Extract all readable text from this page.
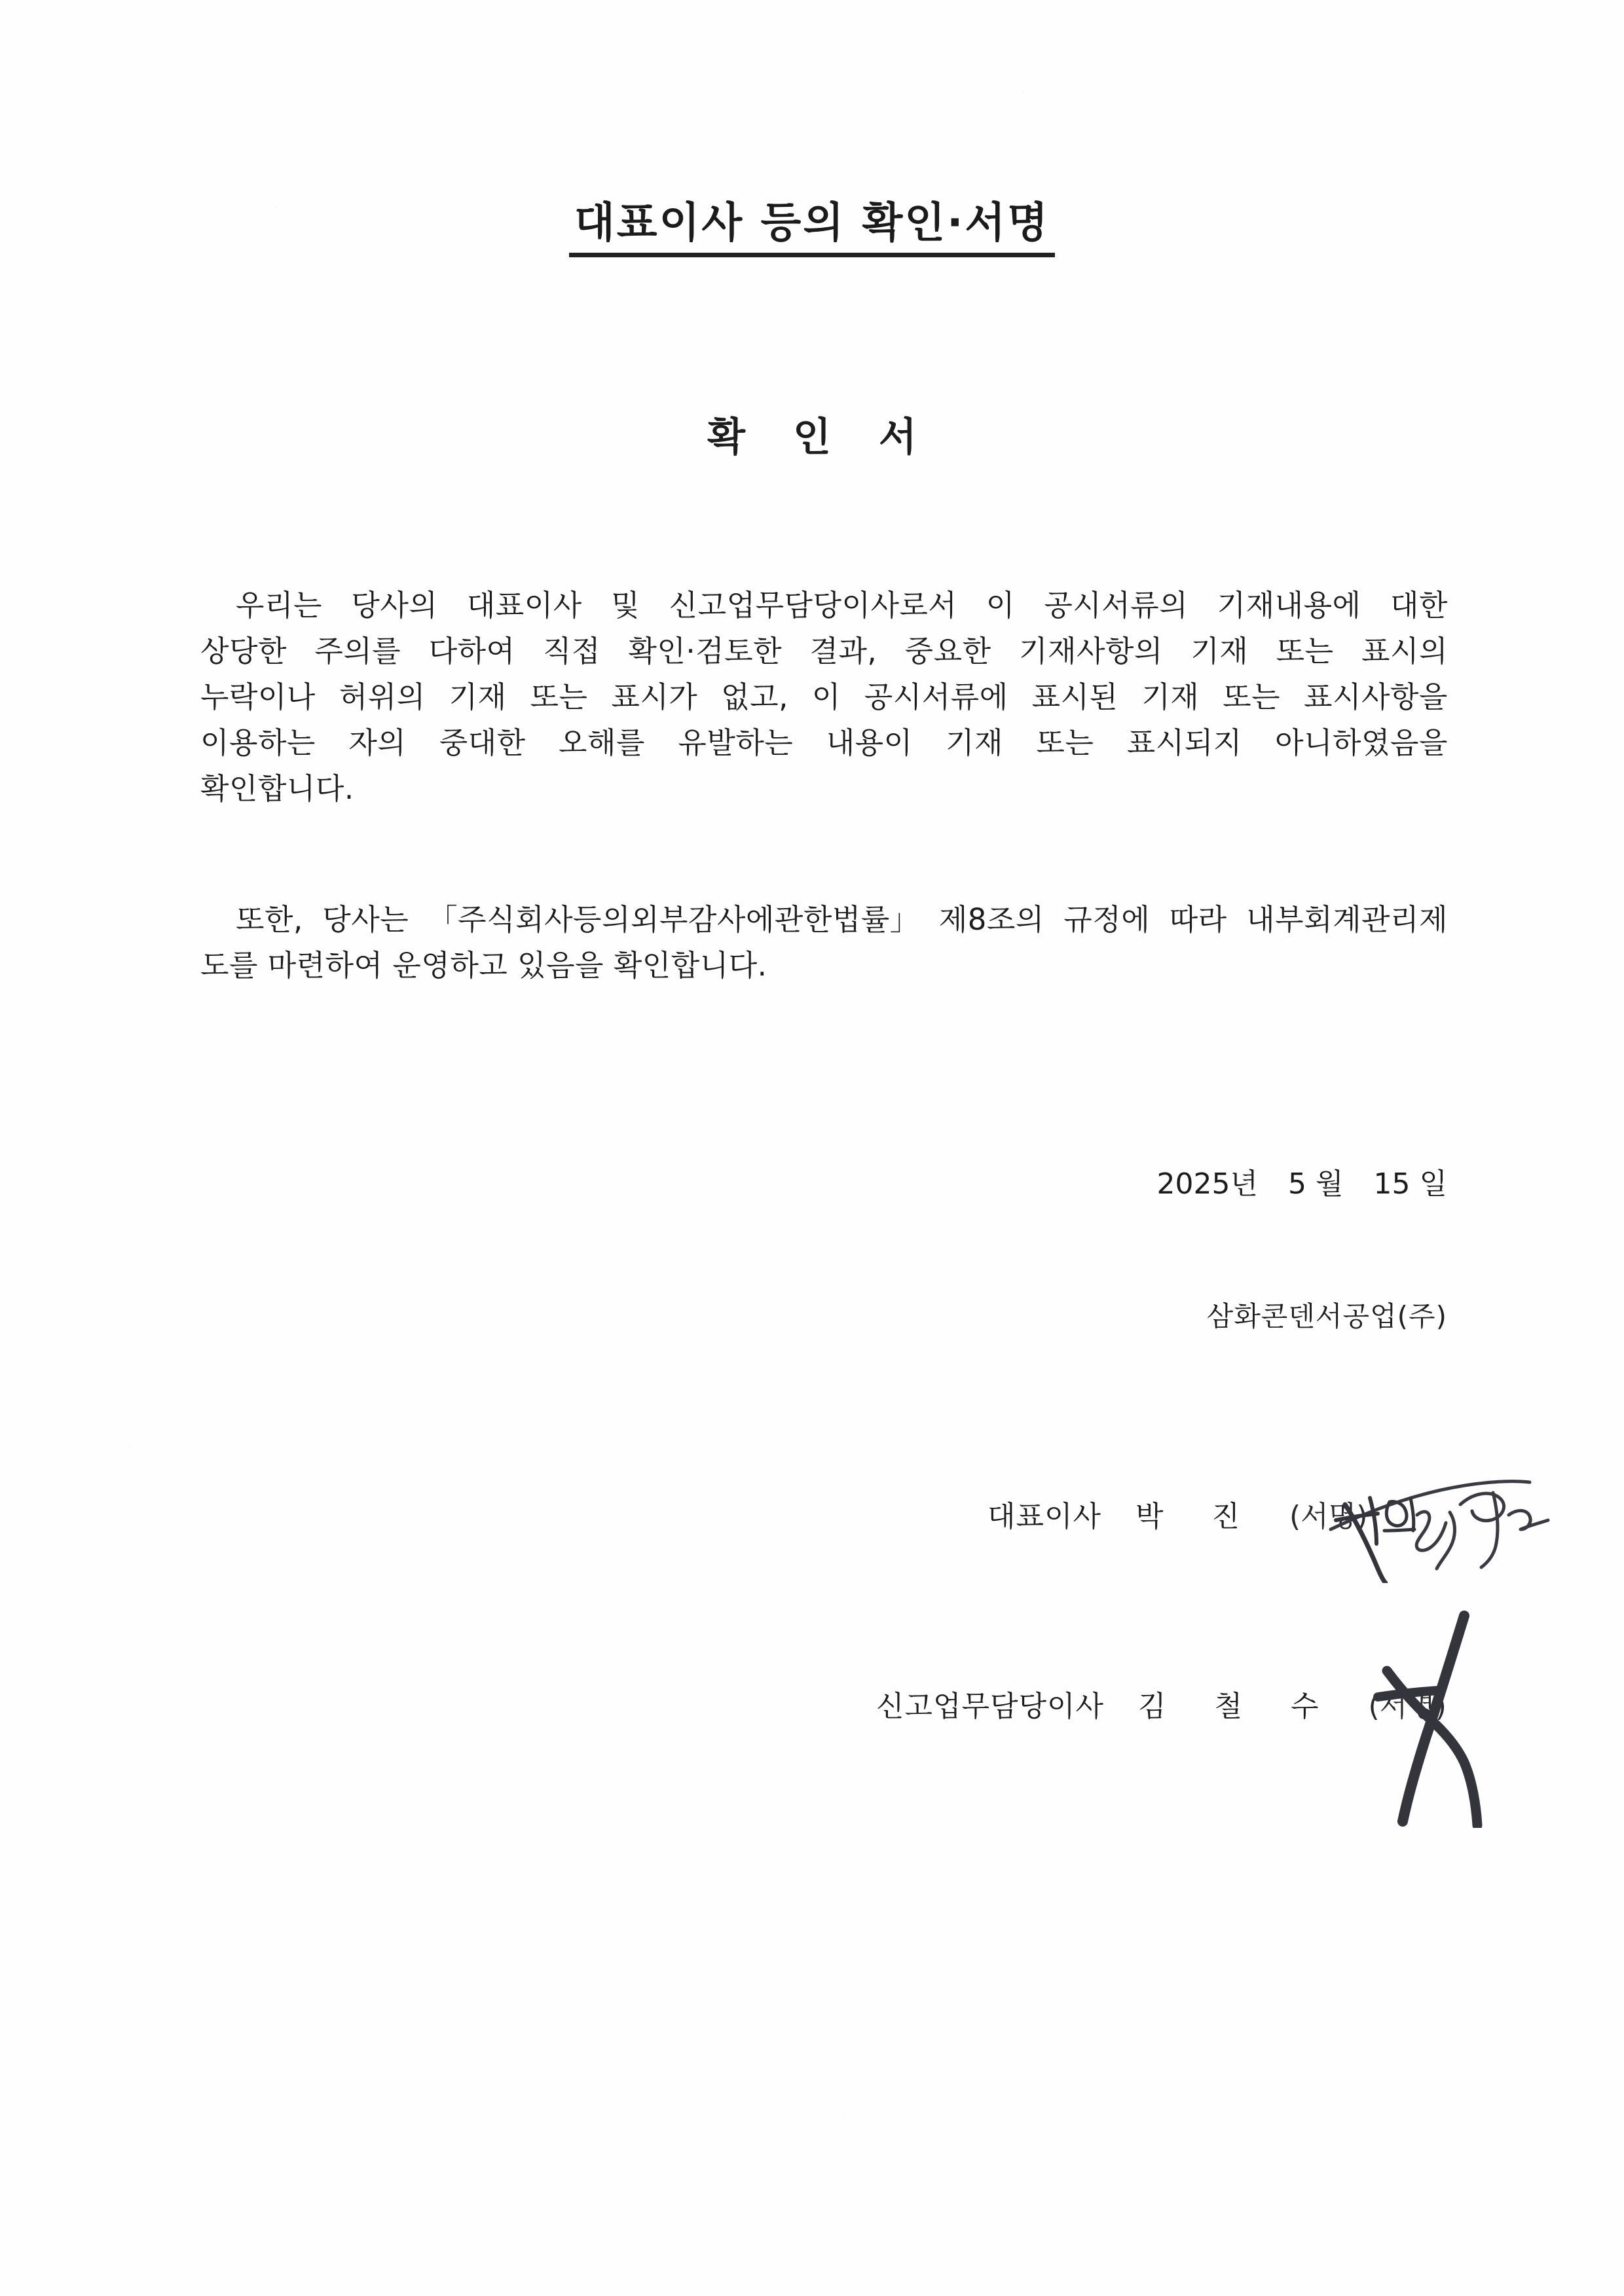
대표이사 등의 확인·서명
확 인 서
우리는 당사의 대표이사 및 신고업무담당이사로서 이 공시서류의 기재내용에 대한
상당한 주의를 다하여 직접 확인·검토한 결과, 중요한 기재사항의 기재 또는 표시의
누락이나 허위의 기재 또는 표시가 없고, 이 공시서류에 표시된 기재 또는 표시사항을
이용하는 자의 중대한 오해를 유발하는 내용이 기재 또는 표시되지 아니하였음을
확인합니다.
또한, 당사는 「주식회사등의외부감사에관한법률」 제8조의 규정에 따라 내부회계관리제
도를 마련하여 운영하고 있음을 확인합니다.
2025년 5 월 15 일
삼화콘덴서공업(주)
대표이사 박 진 (서명)
신고업무담당이사 김 철 수 (서명)
